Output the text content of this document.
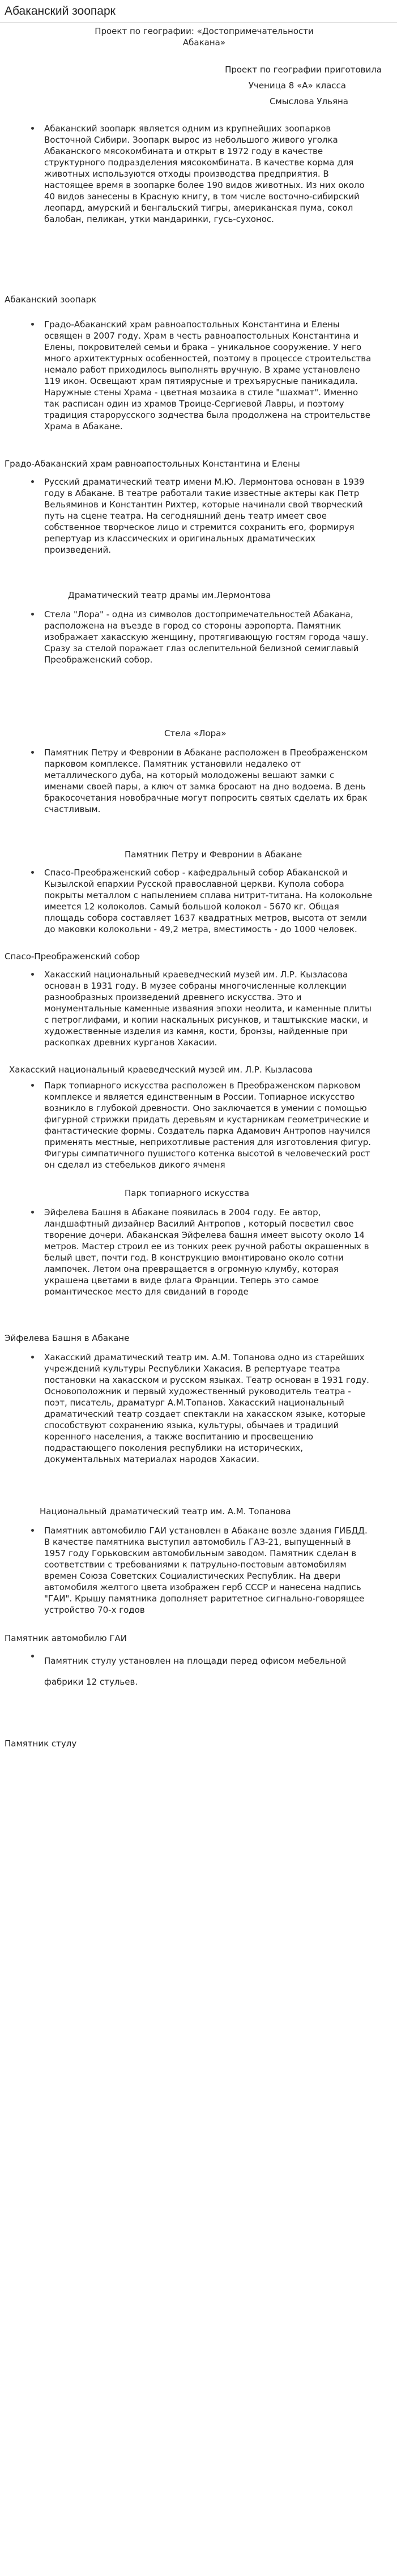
Абаканский зоопарк

Проект по географии: «Достопримечательности

Абакана»

Проект по географии приготовила

Ученица 8 «А» класса

Смыслова Ульяна

Абаканский зоопарк является одним из крупнейших зоопарков Восточной Сибири. Зоопарк вырос из небольшого живого уголка Абаканского мясокомбината и открыт в 1972 году в качестве структурного подразделения мясокомбината. В качестве корма для животных используются отходы производства предприятия. В настоящее время в зоопарке более 190 видов животных. Из них около 40 видов занесены в Красную книгу, в том числе восточно-сибирский леопард, амурский и бенгальский тигры, американская пума, сокол балобан, пеликан, утки мандаринки, гусь-сухонос.

Абаканский зоопарк

Градо-Абаканский храм равноапостольных Константина и Елены освящен в 2007 году. Храм в честь равноапостольных Константина и Елены, покровителей семьи и брака – уникальное сооружение. У него много архитектурных особенностей, поэтому в процессе строительства немало работ приходилось выполнять вручную. В храме установлено 119 икон. Освещают храм пятиярусные и трехъярусные паникадила. Наружные стены Храма - цветная мозаика в стиле "шахмат". Именно так расписан один из храмов Троице-Сергиевой Лавры, и поэтому традиция старорусского зодчества была продолжена на строительстве Храма в Абакане.

Градо-Абаканский храм равноапостольных Константина и Елены

Русский драматический театр имени М.Ю. Лермонтова основан в 1939 году в Абакане. В театре работали такие известные актеры как Петр Вельяминов и Константин Рихтер, которые начинали свой творческий путь на сцене театра. На сегодняшний день театр имеет свое собственное творческое лицо и стремится сохранить его, формируя репертуар из классических и оригинальных драматических произведений.

Драматический театр драмы им.Лермонтова

Стела "Лора" - одна из символов достопримечательностей Абакана, расположена на въезде в город со стороны аэропорта. Памятник изображает хакасскую женщину, протягивающую гостям города чашу. Сразу за стелой поражает глаз ослепительной белизной семиглавый Преображенский собор.

Стела «Лора»

Памятник Петру и Февронии в Абакане расположен в Преображенском парковом комплексе. Памятник установили недалеко от металлического дуба, на который молодожены вешают замки с именами своей пары, а ключ от замка бросают на дно водоема. В день бракосочетания новобрачные могут попросить святых сделать их брак счастливым.

Памятник Петру и Февронии в Абакане

Спасо-Преображенский собор - кафедральный собор Абаканской и Кызылской епархии Русской православной церкви. Купола собора покрыты металлом с напылением сплава нитрит-титана. На колокольне имеется 12 колоколов. Самый большой колокол - 5670 кг. Общая площадь собора составляет 1637 квадратных метров, высота от земли до маковки колокольни - 49,2 метра, вместимость - до 1000 человек.

Спасо-Преображенский собор

Хакасский национальный краеведческий музей им. Л.Р. Кызласова основан в 1931 году. В музее собраны многочисленные коллекции разнообразных произведений древнего искусства. Это и монументальные каменные изваяния эпохи неолита, и каменные плиты с петроглифами, и копии наскальных рисунков, и таштыкские маски, и художественные изделия из камня, кости, бронзы, найденные при раскопках древних курганов Хакасии.

Хакасский национальный краеведческий музей им. Л.Р. Кызласова

Парк топиарного искусства расположен в Преображенском парковом комплексе и является единственным в России. Топиарное искусство возникло в глубокой древности. Оно заключается в умении с помощью фигурной стрижки придать деревьям и кустарникам геометрические и фантастические формы. Создатель парка Адамович Антропов научился применять местные, неприхотливые растения для изготовления фигур. Фигуры симпатичного пушистого котенка высотой в человеческий рост он сделал из стебельков дикого ячменя

Парк топиарного искусства

Эйфелева Башня в Абакане появилась в 2004 году. Ее автор, ландшафтный дизайнер Василий Антропов , который посветил свое творение дочери. Абаканская Эйфелева башня имеет высоту около 14 метров. Мастер строил ее из тонких реек ручной работы окрашенных в белый цвет, почти год. В конструкцию вмонтировано около сотни лампочек. Летом она превращается в огромную клумбу, которая украшена цветами в виде флага Франции. Теперь это самое романтическое место для свиданий в городе

Эйфелева Башня в Абакане

Хакасский драматический театр им. А.М. Топанова одно из старейших учреждений культуры Республики Хакасия. В репертуаре театра постановки на хакасском и русском языках. Театр основан в 1931 году. Основоположник и первый художественный руководитель театра - поэт, писатель, драматург А.М.Топанов. Хакасский национальный драматический театр создает спектакли на хакасском языке, которые способствуют сохранению языка, культуры, обычаев и традиций коренного населения, а также воспитанию и просвещению подрастающего поколения республики на исторических, документальных материалах народов Хакасии.

Национальный драматический театр им. А.М. Топанова

Памятник автомобилю ГАИ установлен в Абакане возле здания ГИБДД. В качестве памятника выступил автомобиль ГАЗ-21, выпущенный в 1957 году Горьковским автомобильным заводом. Памятник сделан в соответствии с требованиями к патрульно-постовым автомобилям времен Союза Советских Социалистических Республик. На двери автомобиля желтого цвета изображен герб СССР и нанесена надпись "ГАИ". Крышу памятника дополняет раритетное сигнально-говорящее устройство 70-х годов

Памятник автомобилю ГАИ

Памятник стулу установлен на площади перед офисом мебельной фабрики 12 стульев.

Памятник стулу
